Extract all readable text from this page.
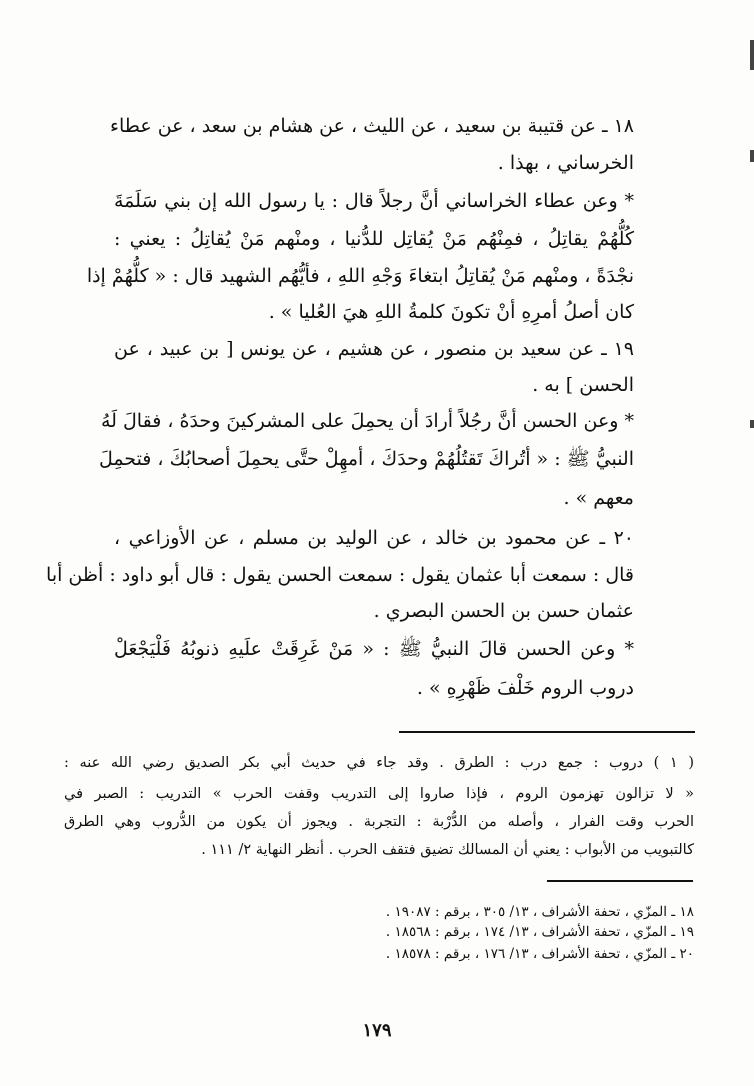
١٨ ـ عن قتيبة بن سعيد ، عن الليث ، عن هشام بن سعد ، عن عطاء
الخرساني ، بهذا .
* وعن عطاء الخراساني أنَّ رجلاً قال : يا رسول الله إن بني سَلَمَةَ
كُلُّهُمْ يقاتِلُ ، فمِنْهُم مَنْ يُقاتِل للدُّنيا ، ومنْهم مَنْ يُقاتِلُ : يعني :
نجْدَةً ، ومنْهم مَنْ يُقاتِلُ ابتغاءَ وَجْهِ اللهِ ، فأيُّهُم الشهيد قال : « كلُّهُمْ إذا
كان أصلُ أمرِهِ أنْ تكونَ كلمةُ اللهِ هيَ العُليا » .
١٩ ـ عن سعيد بن منصور ، عن هشيم ، عن يونس [ بن عبيد ، عن
الحسن ] به .
* وعن الحسن أنَّ رجُلاً أرادَ أن يحمِلَ على المشركينَ وحدَهُ ، فقالَ لَهُ
النبيُّ ﷺ : « أتُراكَ تَقتُلُهُمْ وحدَكَ ، أمهِلْ حتَّى يحمِلَ أصحابُكَ ، فتحمِلَ
معهم » .
٢٠ ـ عن محمود بن خالد ، عن الوليد بن مسلم ، عن الأوزاعي ،
قال : سمعت أبا عثمان يقول : سمعت الحسن يقول : قال أبو داود : أظن أبا
عثمان حسن بن الحسن البصري .
* وعن الحسن قالَ النبيُّ ﷺ : « مَنْ غَرِقَتْ علَيهِ ذنوبُهُ فَلْيَجْعَلْ
دروب الروم خَلْفَ ظَهْرِهِ » .
( ١ ) دروب : جمع درب : الطرق . وقد جاء في حديث أبي بكر الصديق رضي الله عنه :
« لا تزالون تهزمون الروم ، فإذا صاروا إلى التدريب وقفت الحرب » التدريب : الصبر في
الحرب وقت الفرار ، وأصله من الدُّرْبة : التجربة . ويجوز أن يكون من الدُّروب وهي الطرق
كالتبويب من الأبواب : يعني أن المسالك تضيق فتقف الحرب . أنظر النهاية ٢/ ١١١ .
١٨ ـ المزّي ، تحفة الأشراف ، ١٣/ ٣٠٥ ، برقم : ١٩٠٨٧ .
١٩ ـ المزّي ، تحفة الأشراف ، ١٣/ ١٧٤ ، برقم : ١٨٥٦٨ .
٢٠ ـ المزّي ، تحفة الأشراف ، ١٣/ ١٧٦ ، برقم : ١٨٥٧٨ .
١٧٩
